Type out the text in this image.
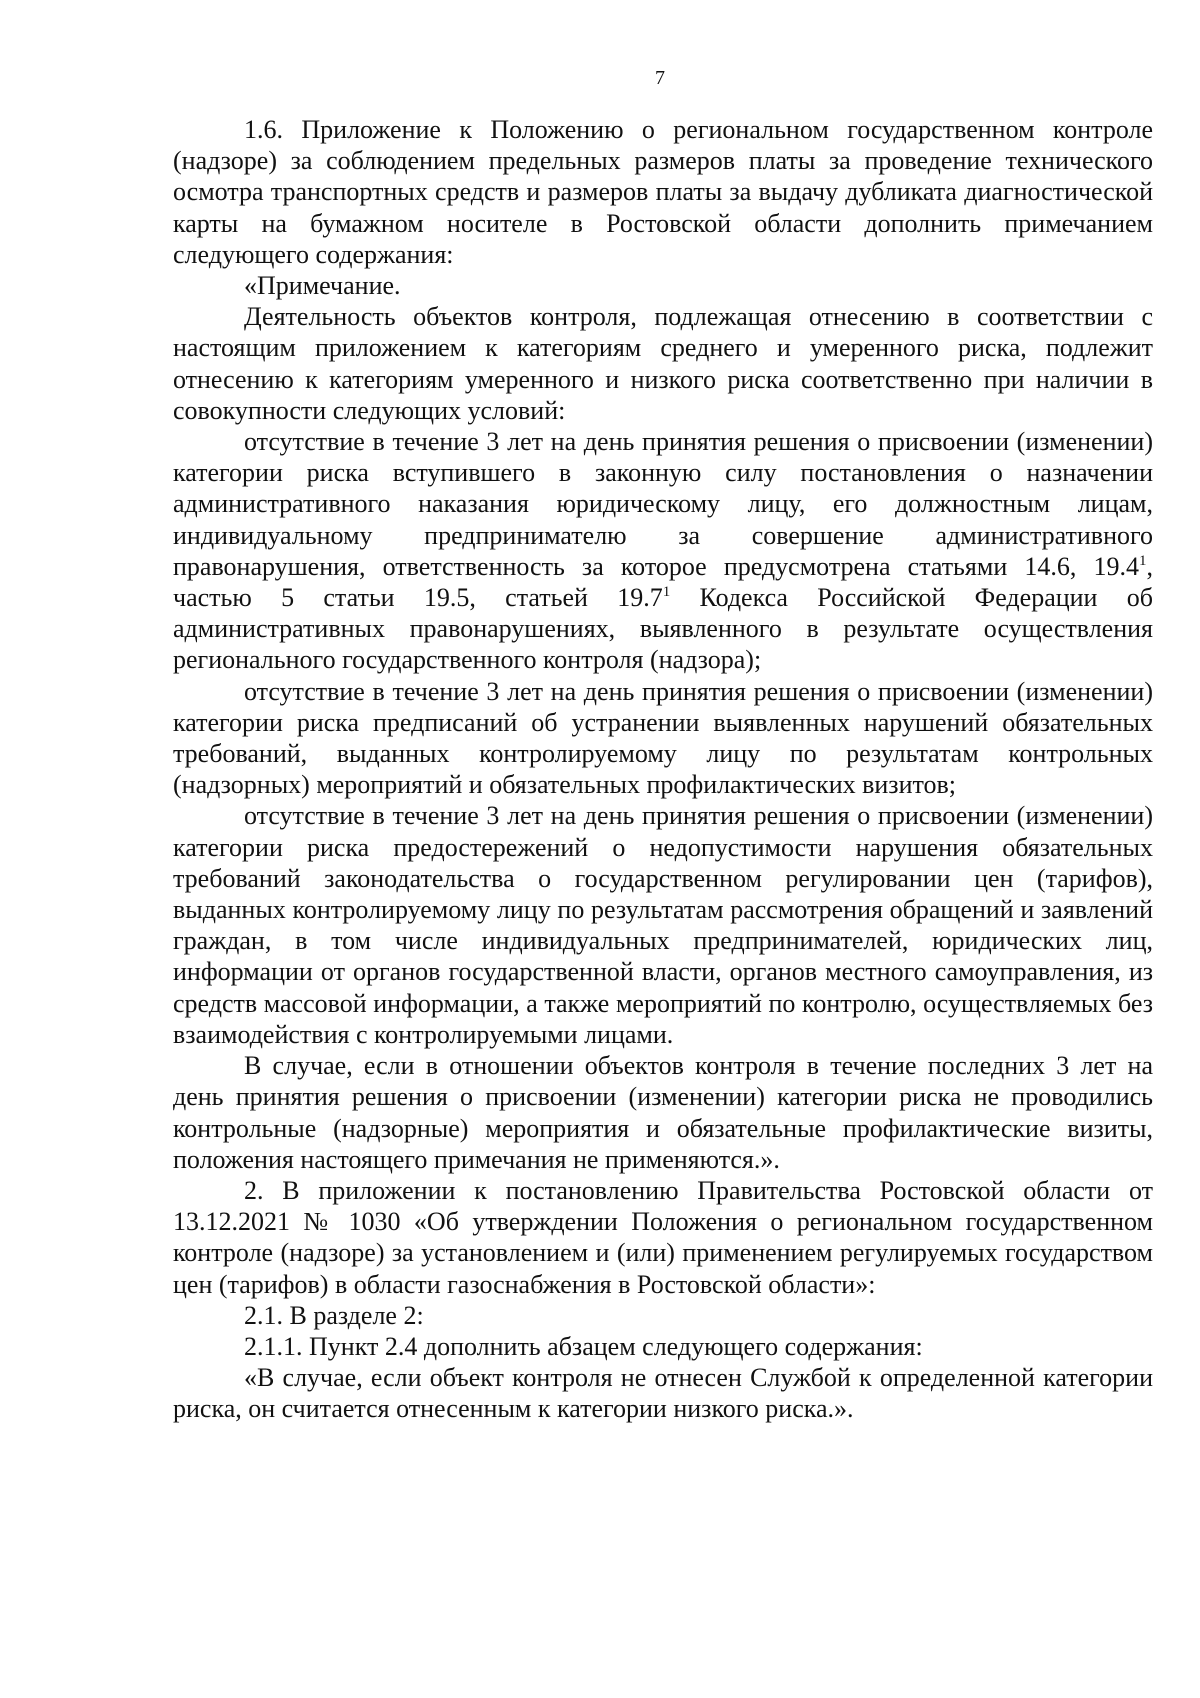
7

1.6. Приложение к Положению о региональном государственном контроле (надзоре) за соблюдением предельных размеров платы за проведение технического осмотра транспортных средств и размеров платы за выдачу дубликата диагностической карты на бумажном носителе в Ростовской области дополнить примечанием следующего содержания:

«Примечание.

Деятельность объектов контроля, подлежащая отнесению в соответствии с настоящим приложением к категориям среднего и умеренного риска, подлежит отнесению к категориям умеренного и низкого риска соответственно при наличии в совокупности следующих условий:

отсутствие в течение 3 лет на день принятия решения о присвоении (изменении) категории риска вступившего в законную силу постановления о назначении административного наказания юридическому лицу, его должностным лицам, индивидуальному предпринимателю за совершение административного правонарушения, ответственность за которое предусмотрена статьями 14.6, 19.4$^1$, частью 5 статьи 19.5, статьей 19.7$^1$ Кодекса Российской Федерации об административных правонарушениях, выявленного в результате осуществления регионального государственного контроля (надзора);

отсутствие в течение 3 лет на день принятия решения о присвоении (изменении) категории риска предписаний об устранении выявленных нарушений обязательных требований, выданных контролируемому лицу по результатам контрольных (надзорных) мероприятий и обязательных профилактических визитов;

отсутствие в течение 3 лет на день принятия решения о присвоении (изменении) категории риска предостережений о недопустимости нарушения обязательных требований законодательства о государственном регулировании цен (тарифов), выданных контролируемому лицу по результатам рассмотрения обращений и заявлений граждан, в том числе индивидуальных предпринимателей, юридических лиц, информации от органов государственной власти, органов местного самоуправления, из средств массовой информации, а также мероприятий по контролю, осуществляемых без взаимодействия с контролируемыми лицами.

В случае, если в отношении объектов контроля в течение последних 3 лет на день принятия решения о присвоении (изменении) категории риска не проводились контрольные (надзорные) мероприятия и обязательные профилактические визиты, положения настоящего примечания не применяются.».

2. В приложении к постановлению Правительства Ростовской области от 13.12.2021 № 1030 «Об утверждении Положения о региональном государственном контроле (надзоре) за установлением и (или) применением регулируемых государством цен (тарифов) в области газоснабжения в Ростовской области»:

2.1. В разделе 2:

2.1.1. Пункт 2.4 дополнить абзацем следующего содержания:

«В случае, если объект контроля не отнесен Службой к определенной категории риска, он считается отнесенным к категории низкого риска.».
